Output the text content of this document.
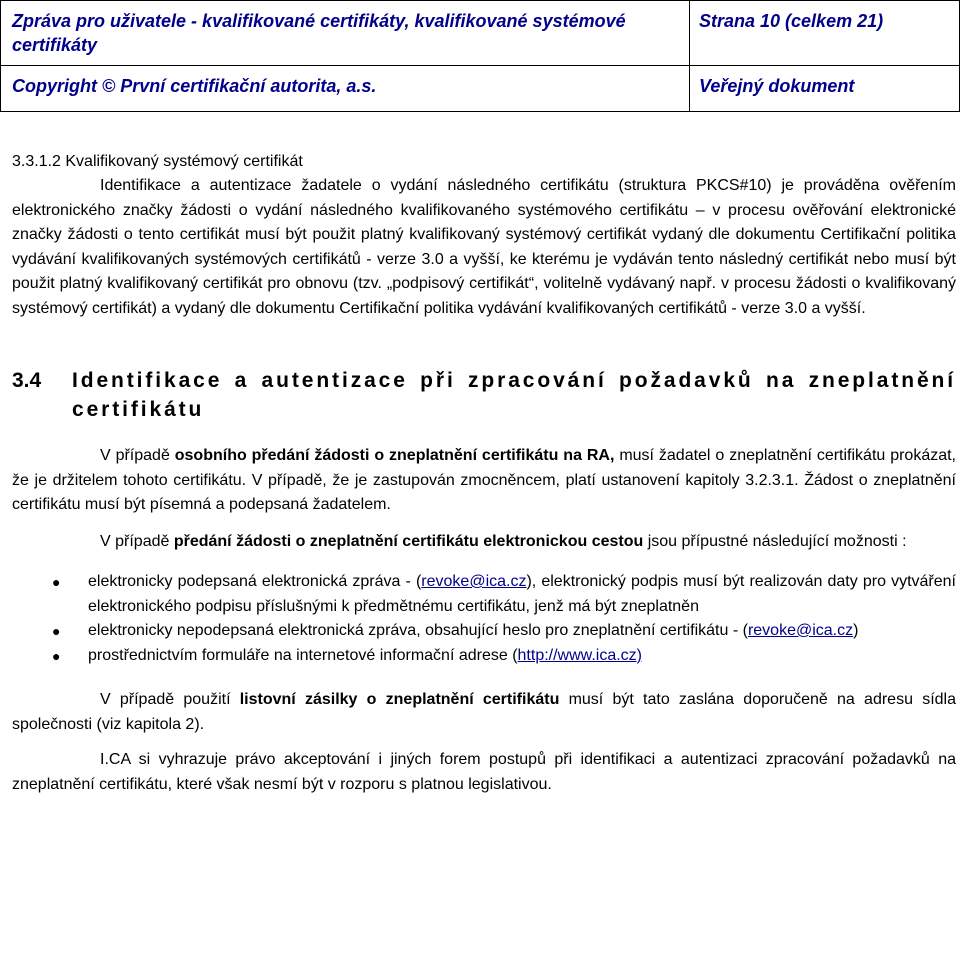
Zpráva pro uživatele - kvalifikované certifikáty, kvalifikované systémové certifikáty
Strana 10 (celkem 21)
Copyright © První certifikační autorita, a.s.	Veřejný dokument

3.3.1.2 Kvalifikovaný systémový certifikát

Identifikace a autentizace žadatele o vydání následného certifikátu (struktura PKCS#10) je prováděna ověřením elektronického značky žádosti o vydání následného kvalifikovaného systémového certifikátu – v procesu ověřování elektronické značky žádosti o tento certifikát musí být použit platný kvalifikovaný systémový certifikát vydaný dle dokumentu Certifikační politika vydávání kvalifikovaných systémových certifikátů - verze 3.0 a vyšší, ke kterému je vydáván tento následný certifikát nebo musí být použit platný kvalifikovaný certifikát pro obnovu (tzv. „podpisový certifikát“, volitelně vydávaný např. v procesu žádosti o kvalifikovaný systémový certifikát) a vydaný dle dokumentu Certifikační politika vydávání kvalifikovaných certifikátů - verze 3.0 a vyšší.

3.4 Identifikace a autentizace při zpracování požadavků na zneplatnění certifikátu

V případě osobního předání žádosti o zneplatnění certifikátu na RA, musí žadatel o zneplatnění certifikátu prokázat, že je držitelem tohoto certifikátu. V případě, že je zastupován zmocněncem, platí ustanovení kapitoly 3.2.3.1. Žádost o zneplatnění certifikátu musí být písemná a podepsaná žadatelem.

V případě předání žádosti o zneplatnění certifikátu elektronickou cestou jsou přípustné následující možnosti :

● elektronicky podepsaná elektronická zpráva - (revoke@ica.cz), elektronický podpis musí být realizován daty pro vytváření elektronického podpisu příslušnými k předmětnému certifikátu, jenž má být zneplatněn
● elektronicky nepodepsaná elektronická zpráva, obsahující heslo pro zneplatnění certifikátu - (revoke@ica.cz)
● prostřednictvím formuláře na internetové informační adrese (http://www.ica.cz)

V případě použití listovní zásilky o zneplatnění certifikátu musí být tato zaslána doporučeně na adresu sídla společnosti (viz kapitola 2).

I.CA si vyhrazuje právo akceptování i jiných forem postupů při identifikaci a autentizaci zpracování požadavků na zneplatnění certifikátu, které však nesmí být v rozporu s platnou legislativou.
